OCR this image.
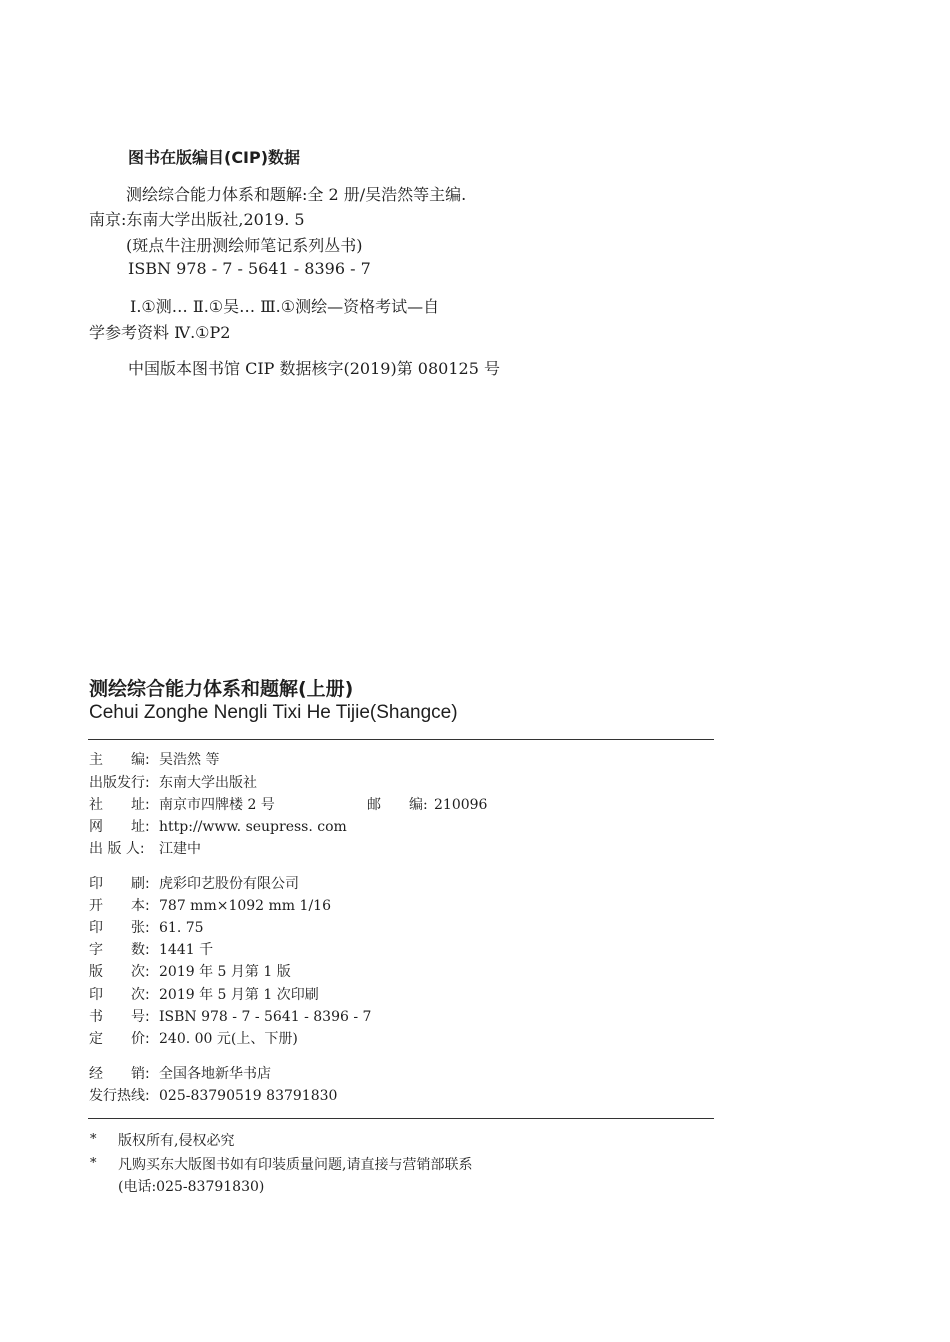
图书在版编目(CIP)数据
测绘综合能力体系和题解:全 2 册/吴浩然等主编.
南京:东南大学出版社,2019. 5
(斑点牛注册测绘师笔记系列丛书)
ISBN 978 - 7 - 5641 - 8396 - 7
Ⅰ.①测… Ⅱ.①吴… Ⅲ.①测绘—资格考试—自
学参考资料 Ⅳ.①P2
中国版本图书馆 CIP 数据核字(2019)第 080125 号
测绘综合能力体系和题解(上册)
Cehui Zonghe Nengli Tixi He Tijie(Shangce)
主　　编: 吴浩然 等
出版发行: 东南大学出版社
社　　址: 南京市四牌楼 2 号	邮　　编: 210096
网　　址: http://www. seupress. com
出 版 人: 江建中
印　　刷: 虎彩印艺股份有限公司
开　　本: 787 mm×1092 mm 1/16
印　　张: 61. 75
字　　数: 1441 千
版　　次: 2019 年 5 月第 1 版
印　　次: 2019 年 5 月第 1 次印刷
书　　号: ISBN 978 - 7 - 5641 - 8396 - 7
定　　价: 240. 00 元(上、下册)
经　　销: 全国各地新华书店
发行热线: 025-83790519 83791830
* 版权所有,侵权必究
* 凡购买东大版图书如有印装质量问题,请直接与营销部联系
(电话:025-83791830)
